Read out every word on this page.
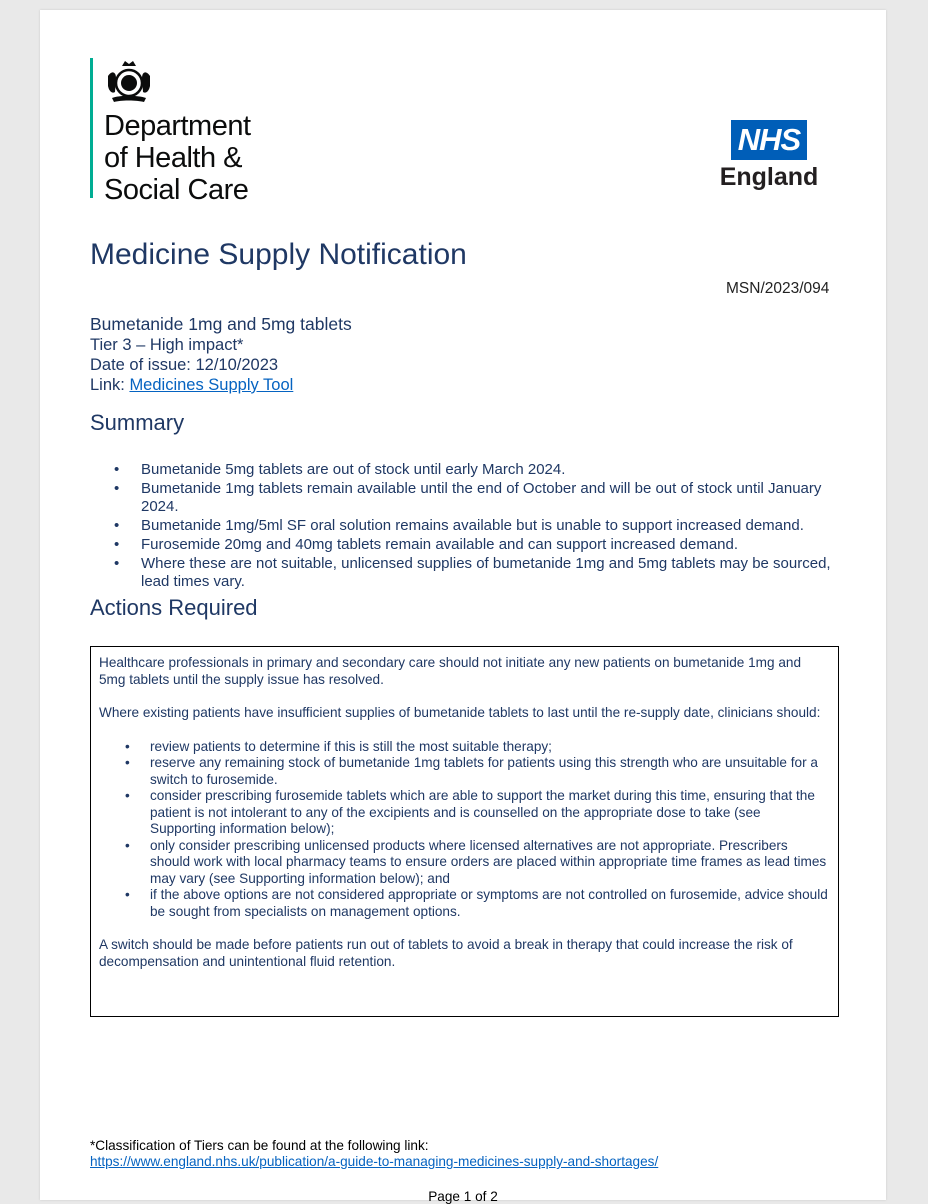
Department
of Health &
Social Care
NHS
England
Medicine Supply Notification
MSN/2023/094
Bumetanide 1mg and 5mg tablets
Tier 3 – High impact*
Date of issue: 12/10/2023
Link: Medicines Supply Tool
Summary
• Bumetanide 5mg tablets are out of stock until early March 2024.
• Bumetanide 1mg tablets remain available until the end of October and will be out of stock until January 2024.
• Bumetanide 1mg/5ml SF oral solution remains available but is unable to support increased demand.
• Furosemide 20mg and 40mg tablets remain available and can support increased demand.
• Where these are not suitable, unlicensed supplies of bumetanide 1mg and 5mg tablets may be sourced, lead times vary.
Actions Required

Healthcare professionals in primary and secondary care should not initiate any new patients on bumetanide 1mg and 5mg tablets until the supply issue has resolved.

Where existing patients have insufficient supplies of bumetanide tablets to last until the re-supply date, clinicians should:

• review patients to determine if this is still the most suitable therapy;
• reserve any remaining stock of bumetanide 1mg tablets for patients using this strength who are unsuitable for a switch to furosemide.
• consider prescribing furosemide tablets which are able to support the market during this time, ensuring that the patient is not intolerant to any of the excipients and is counselled on the appropriate dose to take (see Supporting information below);
• only consider prescribing unlicensed products where licensed alternatives are not appropriate. Prescribers should work with local pharmacy teams to ensure orders are placed within appropriate time frames as lead times may vary (see Supporting information below); and
• if the above options are not considered appropriate or symptoms are not controlled on furosemide, advice should be sought from specialists on management options.

A switch should be made before patients run out of tablets to avoid a break in therapy that could increase the risk of decompensation and unintentional fluid retention.

*Classification of Tiers can be found at the following link:
https://www.england.nhs.uk/publication/a-guide-to-managing-medicines-supply-and-shortages/
Page 1 of 2
